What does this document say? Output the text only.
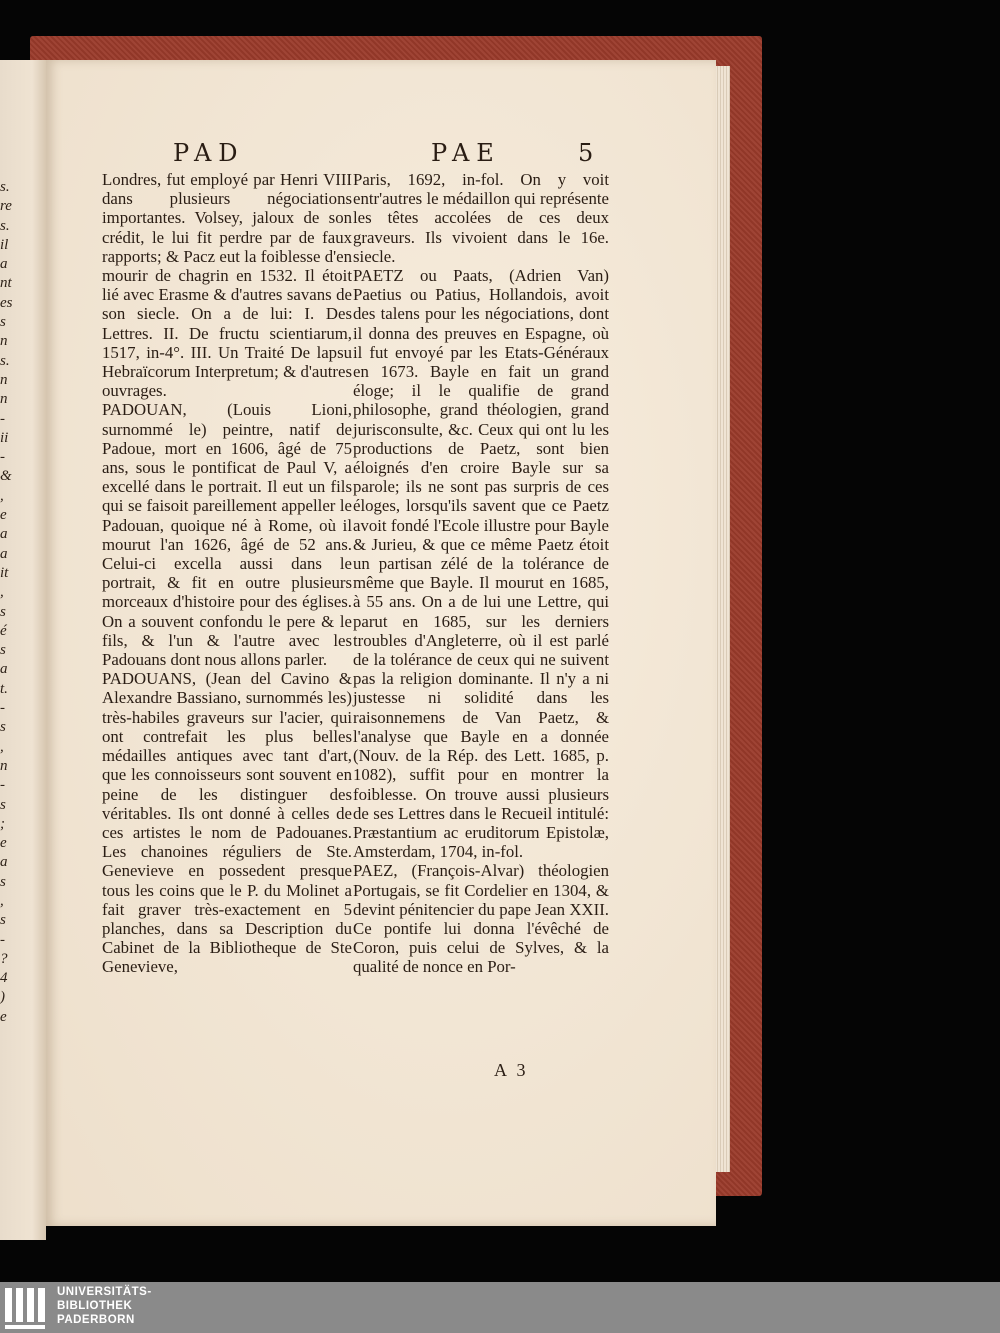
s.
re
s.
il
a
nt
es
s
n
s.
n
n
-
ii
-
&
,
e
a
a
it
,
s
é
s
a
t.
-
s
,
n
-
s
;
e
a
s
,
s
-
?
4
)
e
PAD	PAE	5

Londres, fut employé par Henri VIII dans plusieurs négociations importantes. Volsey, jaloux de son crédit, le lui fit perdre par de faux rapports; & Pacz eut la foiblesse d'en mourir de chagrin en 1532. Il étoit lié avec Erasme & d'autres savans de son siecle. On a de lui: I. Des Lettres. II. De fructu scientiarum, 1517, in-4°. III. Un Traité De lapsu Hebraïcorum Interpretum; & d'autres ouvrages.

PADOUAN, (Louis Lioni, surnommé le) peintre, natif de Padoue, mort en 1606, âgé de 75 ans, sous le pontificat de Paul V, a excellé dans le portrait. Il eut un fils qui se faisoit pareillement appeller le Padouan, quoique né à Rome, où il mourut l'an 1626, âgé de 52 ans. Celui-ci excella aussi dans le portrait, & fit en outre plusieurs morceaux d'histoire pour des églises. On a souvent confondu le pere & le fils, & l'un & l'autre avec les Padouans dont nous allons parler.

PADOUANS, (Jean del Cavino & Alexandre Bassiano, surnommés les) très-habiles graveurs sur l'acier, qui ont contrefait les plus belles médailles antiques avec tant d'art, que les connoisseurs sont souvent en peine de les distinguer des véritables. Ils ont donné à celles de ces artistes le nom de Padouanes. Les chanoines réguliers de Ste. Genevieve en possedent presque tous les coins que le P. du Molinet a fait graver très-exactement en 5 planches, dans sa Description du Cabinet de la Bibliotheque de Ste Genevieve,

Paris, 1692, in-fol. On y voit entr'autres le médaillon qui représente les têtes accolées de ces deux graveurs. Ils vivoient dans le 16e. siecle.

PAETZ ou Paats, (Adrien Van) Paetius ou Patius, Hollandois, avoit des talens pour les négociations, dont il donna des preuves en Espagne, où il fut envoyé par les Etats-Généraux en 1673. Bayle en fait un grand éloge; il le qualifie de grand philosophe, grand théologien, grand jurisconsulte, &c. Ceux qui ont lu les productions de Paetz, sont bien éloignés d'en croire Bayle sur sa parole; ils ne sont pas surpris de ces éloges, lorsqu'ils savent que ce Paetz avoit fondé l'Ecole illustre pour Bayle & Jurieu, & que ce même Paetz étoit un partisan zélé de la tolérance de même que Bayle. Il mourut en 1685, à 55 ans. On a de lui une Lettre, qui parut en 1685, sur les derniers troubles d'Angleterre, où il est parlé de la tolérance de ceux qui ne suivent pas la religion dominante. Il n'y a ni justesse ni solidité dans les raisonnemens de Van Paetz, & l'analyse que Bayle en a donnée (Nouv. de la Rép. des Lett. 1685, p. 1082), suffit pour en montrer la foiblesse. On trouve aussi plusieurs de ses Lettres dans le Recueil intitulé: Præstantium ac eruditorum Epistolæ, Amsterdam, 1704, in-fol.

PAEZ, (François-Alvar) théologien Portugais, se fit Cordelier en 1304, & devint pénitencier du pape Jean XXII. Ce pontife lui donna l'évêché de Coron, puis celui de Sylves, & la qualité de nonce en Por-

A 3

UNIVERSITÄTS-
BIBLIOTHEK
PADERBORN
